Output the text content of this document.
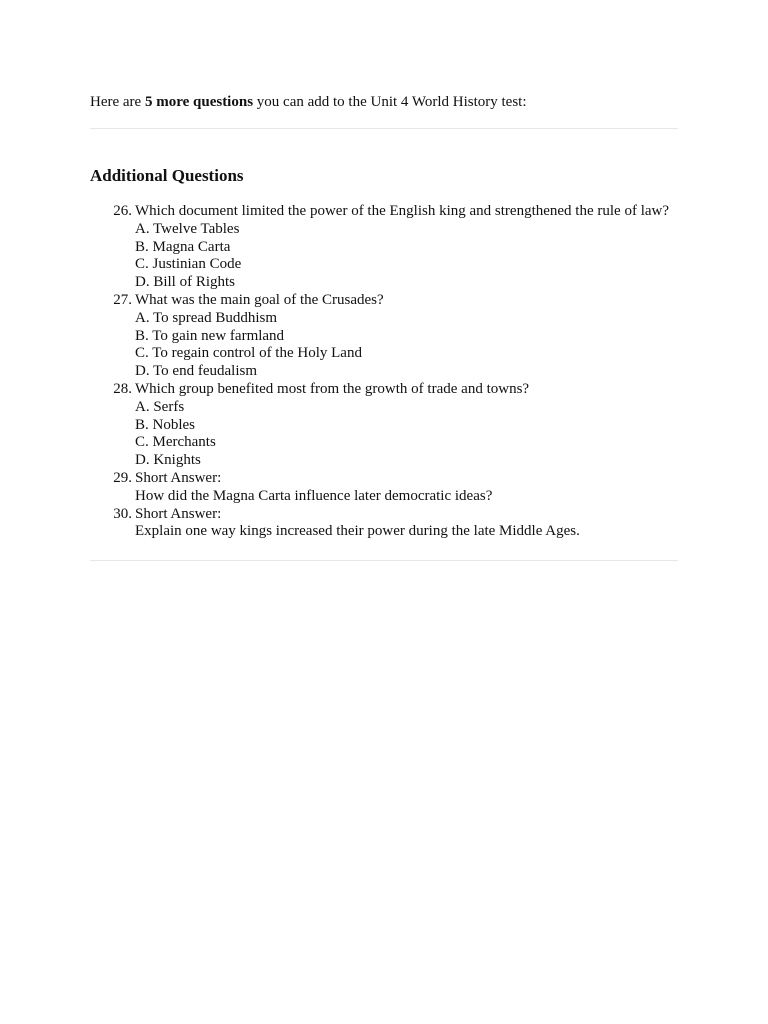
Here are 5 more questions you can add to the Unit 4 World History test:

Additional Questions
26. Which document limited the power of the English king and strengthened the rule of law?
A. Twelve Tables
B. Magna Carta
C. Justinian Code
D. Bill of Rights
27. What was the main goal of the Crusades?
A. To spread Buddhism
B. To gain new farmland
C. To regain control of the Holy Land
D. To end feudalism
28. Which group benefited most from the growth of trade and towns?
A. Serfs
B. Nobles
C. Merchants
D. Knights
29. Short Answer:
How did the Magna Carta influence later democratic ideas?
30. Short Answer:
Explain one way kings increased their power during the late Middle Ages.
